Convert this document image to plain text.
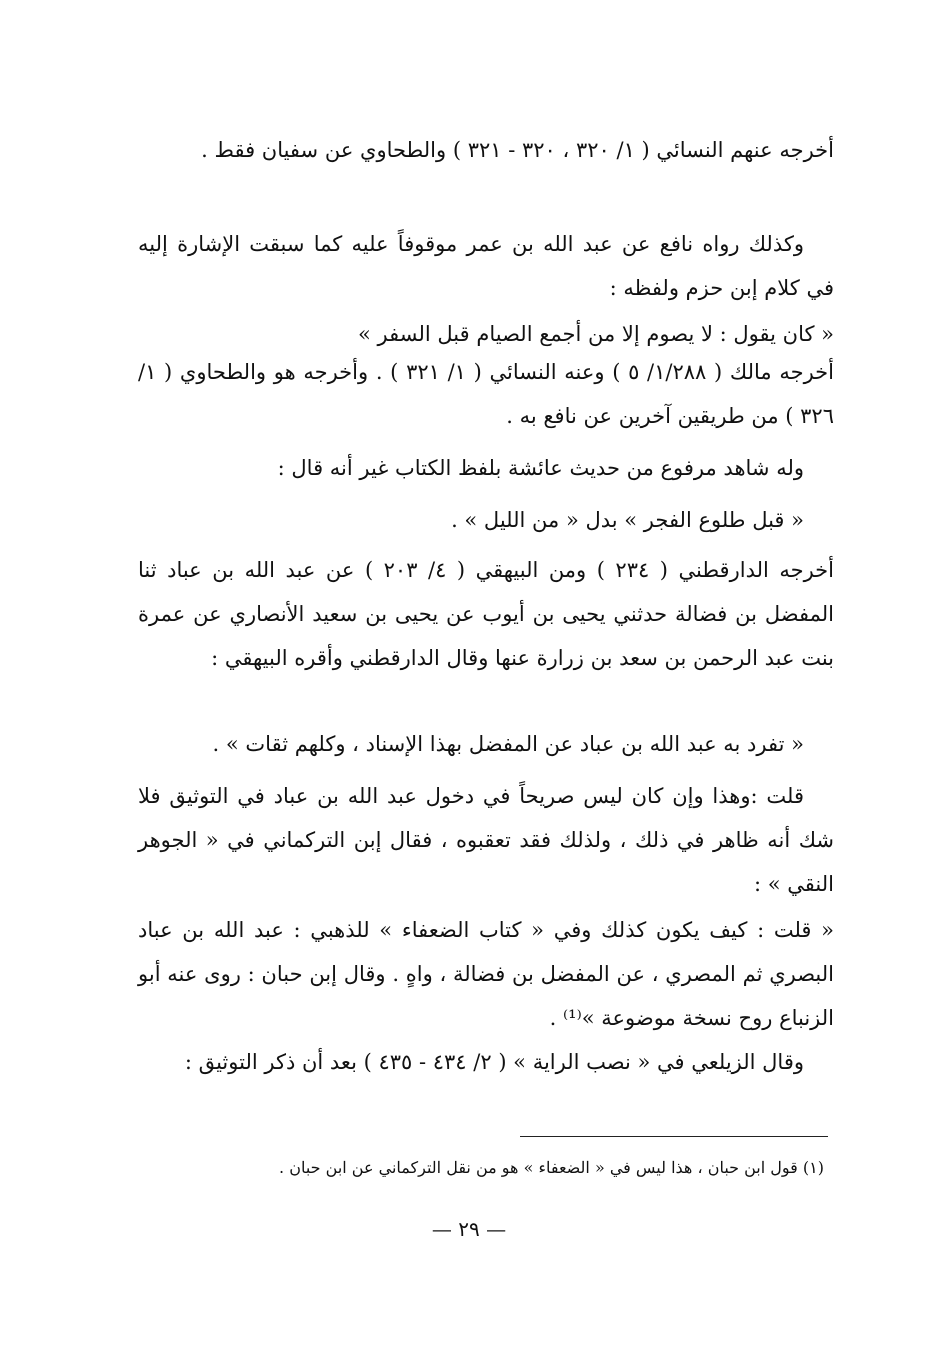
أخرجه عنهم النسائي ( ١/ ٣٢٠ ، ٣٢٠ - ٣٢١ ) والطحاوي عن سفيان فقط .

وكذلك رواه نافع عن عبد الله بن عمر موقوفاً عليه كما سبقت الإشارة إليه في كلام إبن حزم ولفظه :

« كان يقول : لا يصوم إلا من أجمع الصيام قبل السفر »

أخرجه مالك ( ١/٢٨٨/ ٥ ) وعنه النسائي ( ١/ ٣٢١ ) . وأخرجه هو والطحاوي ( ١/ ٣٢٦ ) من طريقين آخرين عن نافع به .

وله شاهد مرفوع من حديث عائشة بلفظ الكتاب غير أنه قال :

« قبل طلوع الفجر » بدل « من الليل » .

أخرجه الدارقطني ( ٢٣٤ ) ومن البيهقي ( ٤/ ٢٠٣ ) عن عبد الله بن عباد ثنا المفضل بن فضالة حدثني يحيى بن أيوب عن يحيى بن سعيد الأنصاري عن عمرة بنت عبد الرحمن بن سعد بن زرارة عنها وقال الدارقطني وأقره البيهقي :

« تفرد به عبد الله بن عباد عن المفضل بهذا الإسناد ، وكلهم ثقات » .

قلت :وهذا وإن كان ليس صريحاً في دخول عبد الله بن عباد في التوثيق فلا شك أنه ظاهر في ذلك ، ولذلك فقد تعقبوه ، فقال إبن التركماني في « الجوهر النقي » :

« قلت : كيف يكون كذلك وفي « كتاب الضعفاء » للذهبي : عبد الله بن عباد البصري ثم المصري ، عن المفضل بن فضالة ، واهٍ . وقال إبن حبان : روى عنه أبو الزنباع روح نسخة موضوعة »⁽¹⁾ .

وقال الزيلعي في « نصب الراية » ( ٢/ ٤٣٤ - ٤٣٥ ) بعد أن ذكر التوثيق :

(١) قول ابن حبان ، هذا ليس في « الضعفاء » هو من نقل التركماني عن ابن حبان .
— ٢٩ —
